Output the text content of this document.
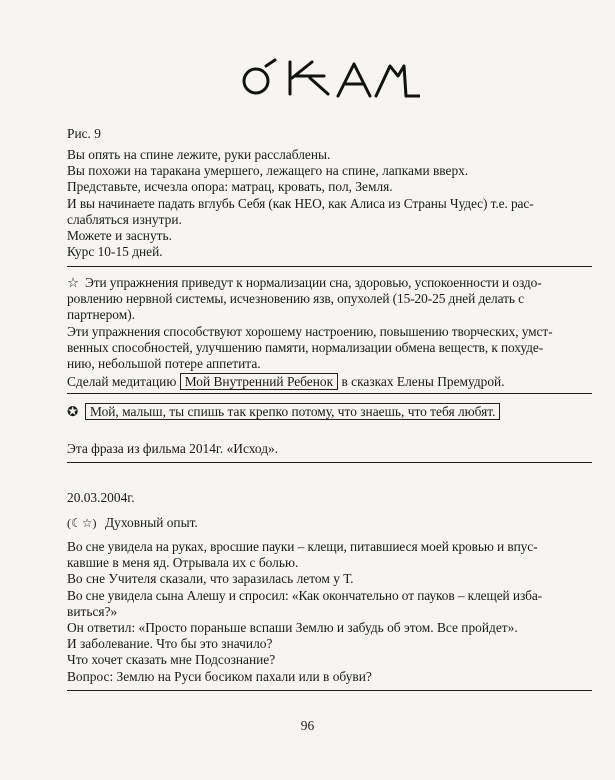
Рис. 9
Вы опять на спине лежите, руки расслаблены.
Вы похожи на таракана умершего, лежащего на спине, лапками вверх.
Представьте, исчезла опора: матрац, кровать, пол, Земля.
И вы начинаете падать вглубь Себя (как НЕО, как Алиса из Страны Чудес) т.е. рас-
слабляться изнутри.
Можете и заснуть.
Курс 10-15 дней.
☆ Эти упражнения приведут к нормализации сна, здоровью, успокоенности и оздо-
ровлению нервной системы, исчезновению язв, опухолей (15-20-25 дней делать с
партнером).
Эти упражнения способствуют хорошему настроению, повышению творческих, умст-
венных способностей, улучшению памяти, нормализации обмена веществ, к похуде-
нию, небольшой потере аппетита.
Сделай медитацию Мой Внутренний Ребенок в сказках Елены Премудрой.
✪ Мой, малыш, ты спишь так крепко потому, что знаешь, что тебя любят.
Эта фраза из фильма 2014г. «Исход».
20.03.2004г.
(☾☆) Духовный опыт.
Во сне увидела на руках, вросшие пауки – клещи, питавшиеся моей кровью и впус-
кавшие в меня яд. Отрывала их с болью.
Во сне Учителя сказали, что заразилась летом у Т.
Во сне увидела сына Алешу и спросил: «Как окончательно от пауков – клещей изба-
виться?»
Он ответил: «Просто пораньше вспаши Землю и забудь об этом. Все пройдет».
И заболевание. Что бы это значило?
Что хочет сказать мне Подсознание?
Вопрос: Землю на Руси босиком пахали или в обуви?
96
